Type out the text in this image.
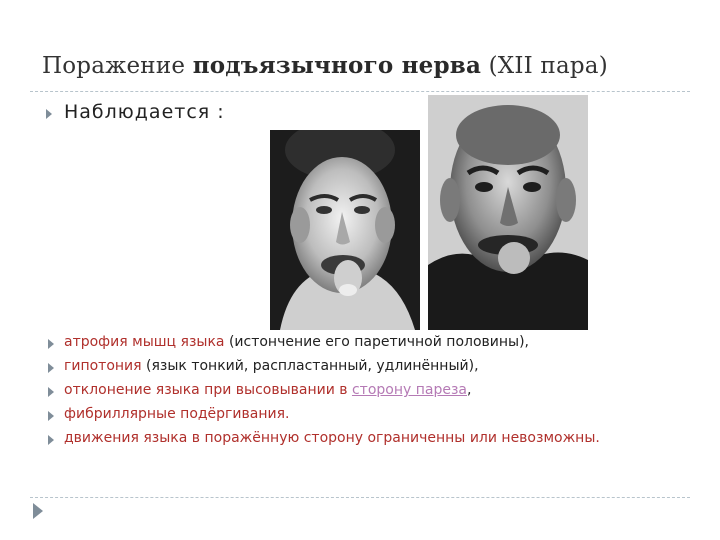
Поражение подъязычного нерва (XII пара)
Наблюдается :
атрофия мышц языка (истончение его паретичной половины),
гипотония (язык тонкий, распластанный, удлинённый),
отклонение языка при высовывании в сторону пареза,
фибриллярные подёргивания.
движения языка в поражённую сторону ограниченны или невозможны.
